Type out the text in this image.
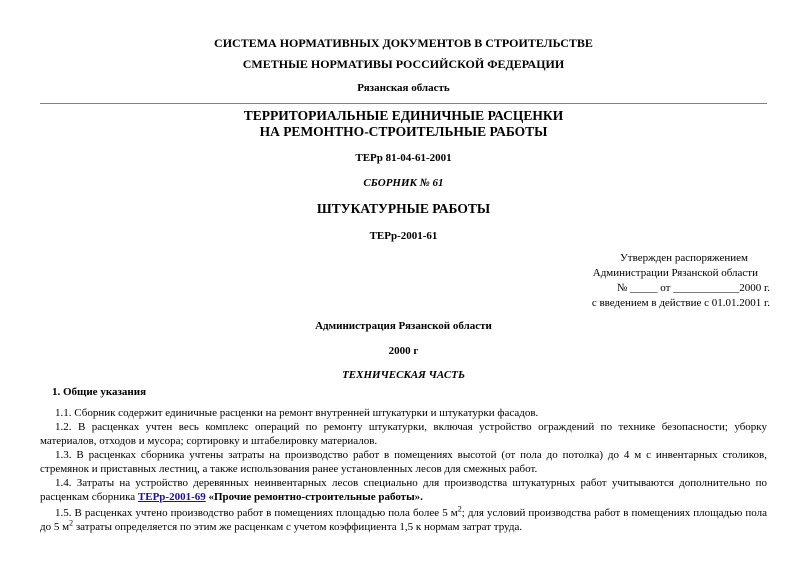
СИСТЕМА НОРМАТИВНЫХ ДОКУМЕНТОВ В СТРОИТЕЛЬСТВЕ
СМЕТНЫЕ НОРМАТИВЫ РОССИЙСКОЙ ФЕДЕРАЦИИ
Рязанская область
ТЕРРИТОРИАЛЬНЫЕ ЕДИНИЧНЫЕ РАСЦЕНКИ
НА РЕМОНТНО-СТРОИТЕЛЬНЫЕ РАБОТЫ
ТЕРр 81-04-61-2001
СБОРНИК № 61
ШТУКАТУРНЫЕ РАБОТЫ
ТЕРр-2001-61
Утвержден распоряжением
Администрации Рязанской области
№ _____ от ____________2000 г.
с введением в действие с 01.01.2001 г.
Администрация Рязанской области
2000 г
ТЕХНИЧЕСКАЯ ЧАСТЬ
1. Общие указания
1.1. Сборник содержит единичные расценки на ремонт внутренней штукатурки и штукатурки фасадов.
1.2. В расценках учтен весь комплекс операций по ремонту штукатурки, включая устройство ограждений по технике безопасности; уборку материалов, отходов и мусора; сортировку и штабелировку материалов.
1.3. В расценках сборника учтены затраты на производство работ в помещениях высотой (от пола до потолка) до 4 м с инвентарных столиков, стремянок и приставных лестниц, а также использования ранее установленных лесов для смежных работ.
1.4. Затраты на устройство деревянных неинвентарных лесов специально для производства штукатурных работ учитываются дополнительно по расценкам сборника ТЕРр-2001-69 «Прочие ремонтно-строительные работы».
1.5. В расценках учтено производство работ в помещениях площадью пола более 5 $м^2$; для условий производства работ в помещениях площадью пола до 5 $м^2$ затраты определяется по этим же расценкам с учетом коэффициента 1,5 к нормам затрат труда.
